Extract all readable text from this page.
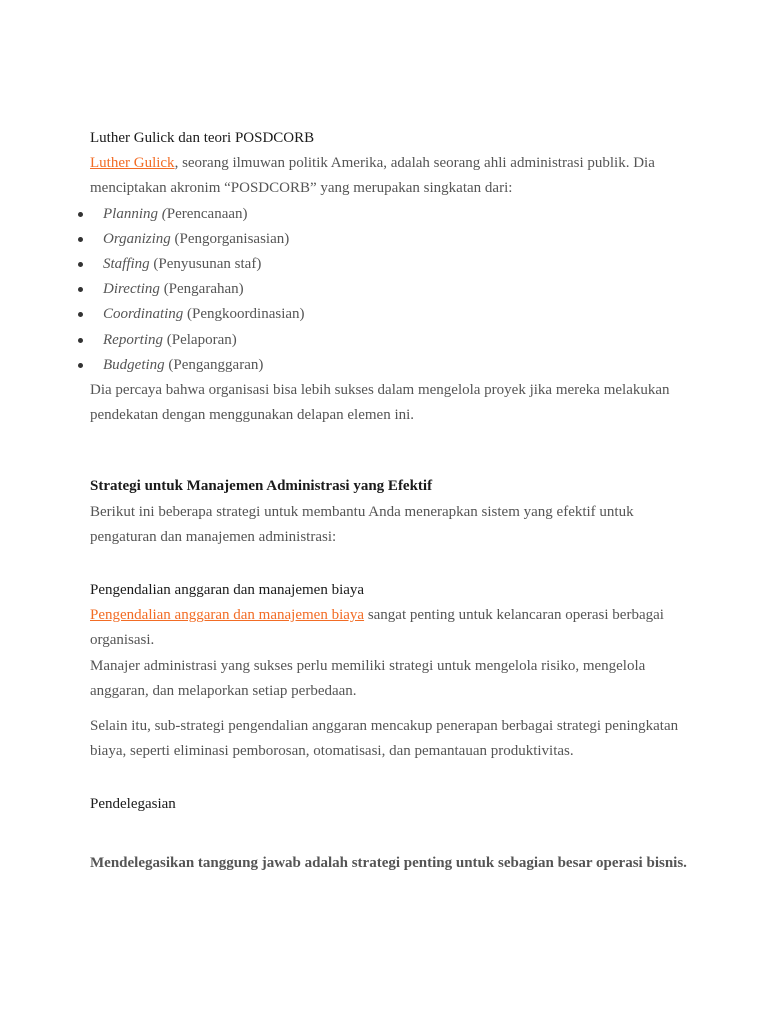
Luther Gulick dan teori POSDCORB

Luther Gulick, seorang ilmuwan politik Amerika, adalah seorang ahli administrasi publik. Dia menciptakan akronim “POSDCORB” yang merupakan singkatan dari:

Planning (Perencanaan)
Organizing (Pengorganisasian)
Staffing (Penyusunan staf)
Directing (Pengarahan)
Coordinating (Pengkoordinasian)
Reporting (Pelaporan)
Budgeting (Penganggaran)

Dia percaya bahwa organisasi bisa lebih sukses dalam mengelola proyek jika mereka melakukan pendekatan dengan menggunakan delapan elemen ini.

Strategi untuk Manajemen Administrasi yang Efektif

Berikut ini beberapa strategi untuk membantu Anda menerapkan sistem yang efektif untuk pengaturan dan manajemen administrasi:

Pengendalian anggaran dan manajemen biaya

Pengendalian anggaran dan manajemen biaya sangat penting untuk kelancaran operasi berbagai organisasi.

Manajer administrasi yang sukses perlu memiliki strategi untuk mengelola risiko, mengelola anggaran, dan melaporkan setiap perbedaan.

Selain itu, sub-strategi pengendalian anggaran mencakup penerapan berbagai strategi peningkatan biaya, seperti eliminasi pemborosan, otomatisasi, dan pemantauan produktivitas.

Pendelegasian

Mendelegasikan tanggung jawab adalah strategi penting untuk sebagian besar operasi bisnis.
